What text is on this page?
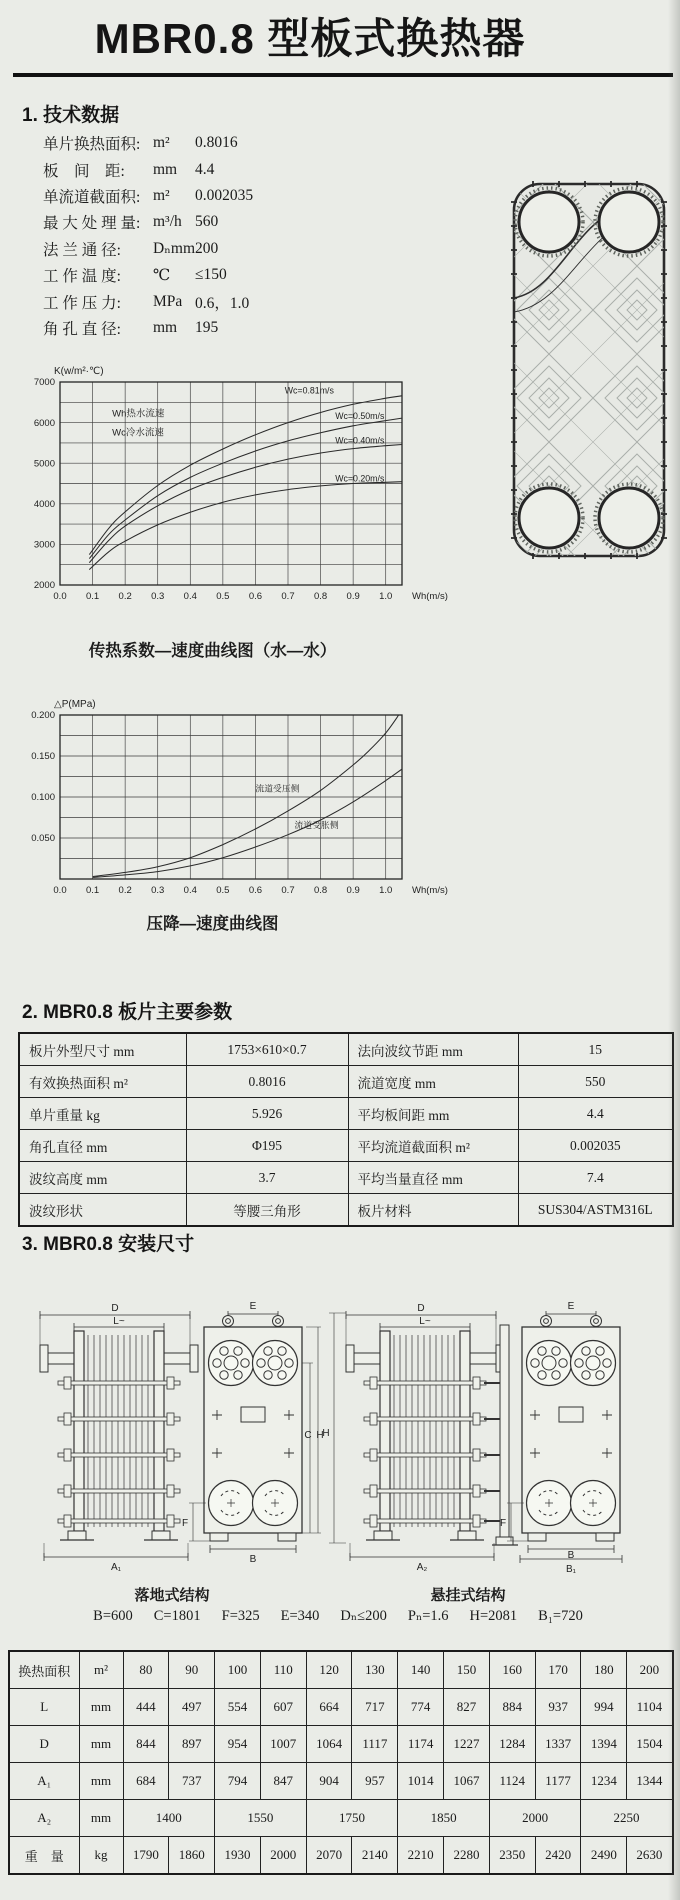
MBR0.8 型板式换热器
1. 技术数据
单片换热面积: m²	0.8016
板　间　距:	mm	4.4
单流道截面积: m²	0.002035
最 大 处 理 量: m³/h 560
法 兰 通 径:	Dₙmm 200
工 作 温 度:	℃	≤150
工 作 压 力:	MPa 0.6，1.0
角 孔 直 径:	mm	195
2000
3000
4000
5000
6000
7000
0.0 0.1 0.2 0.3 0.4 0.5 0.6 0.7 0.8 0.9 1.0 Wh(m/s)
K(w/m²·℃)
Wh热水流速
Wc冷水流速
Wc=0.81m/s
Wc=0.50m/s
Wc=0.40m/s
Wc=0.20m/s

传热系数—速度曲线图（水—水）

0.050
0.100
0.150
0.200
0.0 0.1 0.2 0.3 0.4 0.5 0.6 0.7 0.8 0.9 1.0 Wh(m/s)
△P(MPa)
流道受压侧
流道受胀侧

压降—速度曲线图

2. MBR0.8 板片主要参数
板片外型尺寸 mm	1753×610×0.7	法向波纹节距 mm	15
有效换热面积 m²	0.8016	流道宽度 mm	550
单片重量 kg	5.926	平均板间距 mm	4.4
角孔直径 mm	Φ195	平均流道截面积 m²	0.002035
波纹高度 mm	3.7	平均当量直径 mm	7.4
波纹形状	等腰三角形	板片材料	SUS304/ASTM316L
3. MBR0.8 安装尺寸
D
L~
A₁
C H
E
F
B
H
D
L~
A₂
E
F
B
B₁
落地式结构	悬挂式结构
B=600 C=1801 F=325 E=340 Dₙ≤200 Pₙ=1.6 H=2081 B₁=720
换热面积	m²	80	90	100	110	120	130	140	150	160	170	180	200
L	mm	444	497	554	607	664	717	774	827	884	937	994	1104
D	mm	844	897	954	1007	1064	1117	1174	1227	1284	1337	1394	1504
A₁	mm	684	737	794	847	904	957	1014	1067	1124	1177	1234	1344
A₂	mm	1400		1550		1750		1850		2000		2250	
重　量	kg	1790	1860	1930	2000	2070	2140	2210	2280	2350	2420	2490	2630
